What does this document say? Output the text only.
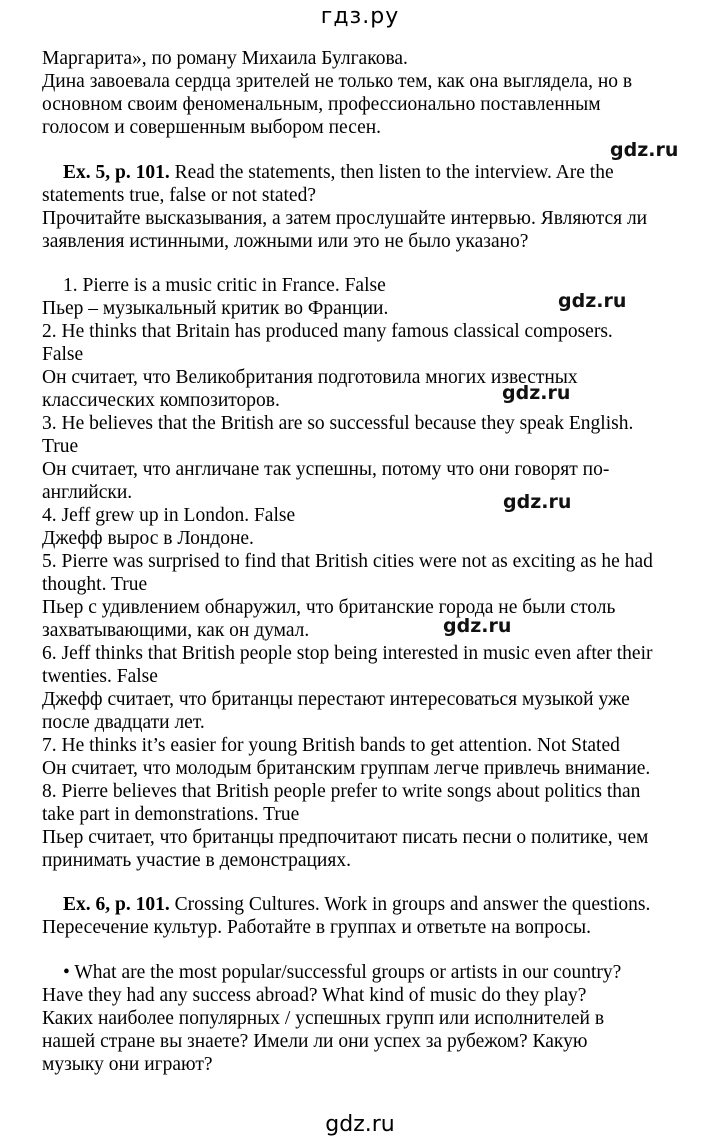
гдз.ру
Маргарита», по роману Михаила Булгакова.
Дина завоевала сердца зрителей не только тем, как она выглядела, но в
основном своим феноменальным, профессионально поставленным
голосом и совершенным выбором песен.
gdz.ru
Ex. 5, p. 101. Read the statements, then listen to the interview. Are the
statements true, false or not stated?
Прочитайте высказывания, а затем прослушайте интервью. Являются ли
заявления истинными, ложными или это не было указано?
1. Pierre is a music critic in France. False
Пьер – музыкальный критик во Франции.	gdz.ru
2. He thinks that Britain has produced many famous classical composers.
False
Он считает, что Великобритания подготовила многих известных
gdz.ru
классических композиторов.
3. He believes that the British are so successful because they speak English.
True
Он считает, что англичане так успешны, потому что они говорят по-
английски.	gdz.ru
4. Jeff grew up in London. False
Джефф вырос в Лондоне.
5. Pierre was surprised to find that British cities were not as exciting as he had
thought. True
Пьер с удивлением обнаружил, что британские города не были столь
захватывающими, как он думал.	gdz.ru
6. Jeff thinks that British people stop being interested in music even after their
twenties. False
Джефф считает, что британцы перестают интересоваться музыкой уже
после двадцати лет.
7. He thinks it’s easier for young British bands to get attention. Not Stated
Он считает, что молодым британским группам легче привлечь внимание.
8. Pierre believes that British people prefer to write songs about politics than
take part in demonstrations. True
Пьер считает, что британцы предпочитают писать песни о политике, чем
принимать участие в демонстрациях.
Ex. 6, p. 101. Crossing Cultures. Work in groups and answer the questions.
Пересечение культур. Работайте в группах и ответьте на вопросы.
• What are the most popular/successful groups or artists in our country?
Have they had any success abroad? What kind of music do they play?
Каких наиболее популярных / успешных групп или исполнителей в
нашей стране вы знаете? Имели ли они успех за рубежом? Какую
музыку они играют?
gdz.ru
